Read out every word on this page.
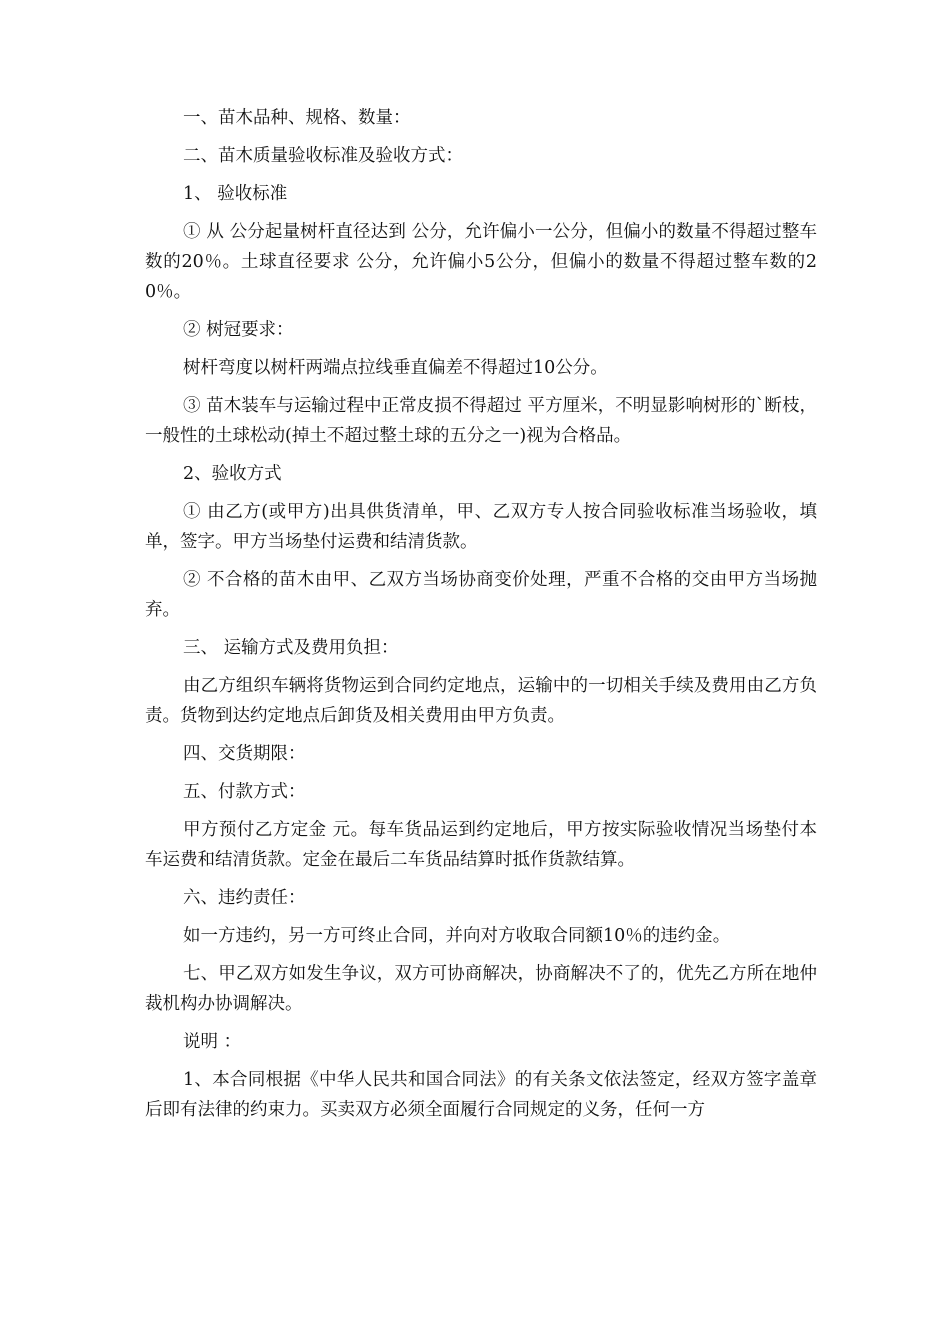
一、苗木品种、规格、数量：

二、苗木质量验收标准及验收方式：

1、 验收标准

① 从 公分起量树杆直径达到 公分，允许偏小一公分，但偏小的数量不得超过整车数的20％。土球直径要求 公分，允许偏小5公分，但偏小的数量不得超过整车数的20％。

② 树冠要求：

树杆弯度以树杆两端点拉线垂直偏差不得超过10公分。

③ 苗木装车与运输过程中正常皮损不得超过 平方厘米，不明显影响树形的`断枝，一般性的土球松动(掉土不超过整土球的五分之一)视为合格品。

2、验收方式

① 由乙方(或甲方)出具供货清单，甲、乙双方专人按合同验收标准当场验收，填单，签字。甲方当场垫付运费和结清货款。

② 不合格的苗木由甲、乙双方当场协商变价处理，严重不合格的交由甲方当场抛弃。

三、 运输方式及费用负担：

由乙方组织车辆将货物运到合同约定地点，运输中的一切相关手续及费用由乙方负责。货物到达约定地点后卸货及相关费用由甲方负责。

四、交货期限：

五、付款方式：

甲方预付乙方定金 元。每车货品运到约定地后，甲方按实际验收情况当场垫付本车运费和结清货款。定金在最后二车货品结算时抵作货款结算。

六、违约责任：

如一方违约，另一方可终止合同，并向对方收取合同额10％的违约金。

七、甲乙双方如发生争议，双方可协商解决，协商解决不了的，优先乙方所在地仲裁机构办协调解决。

说明 ：

1、本合同根据《中华人民共和国合同法》的有关条文依法签定，经双方签字盖章后即有法律的约束力。买卖双方必须全面履行合同规定的义务，任何一方
